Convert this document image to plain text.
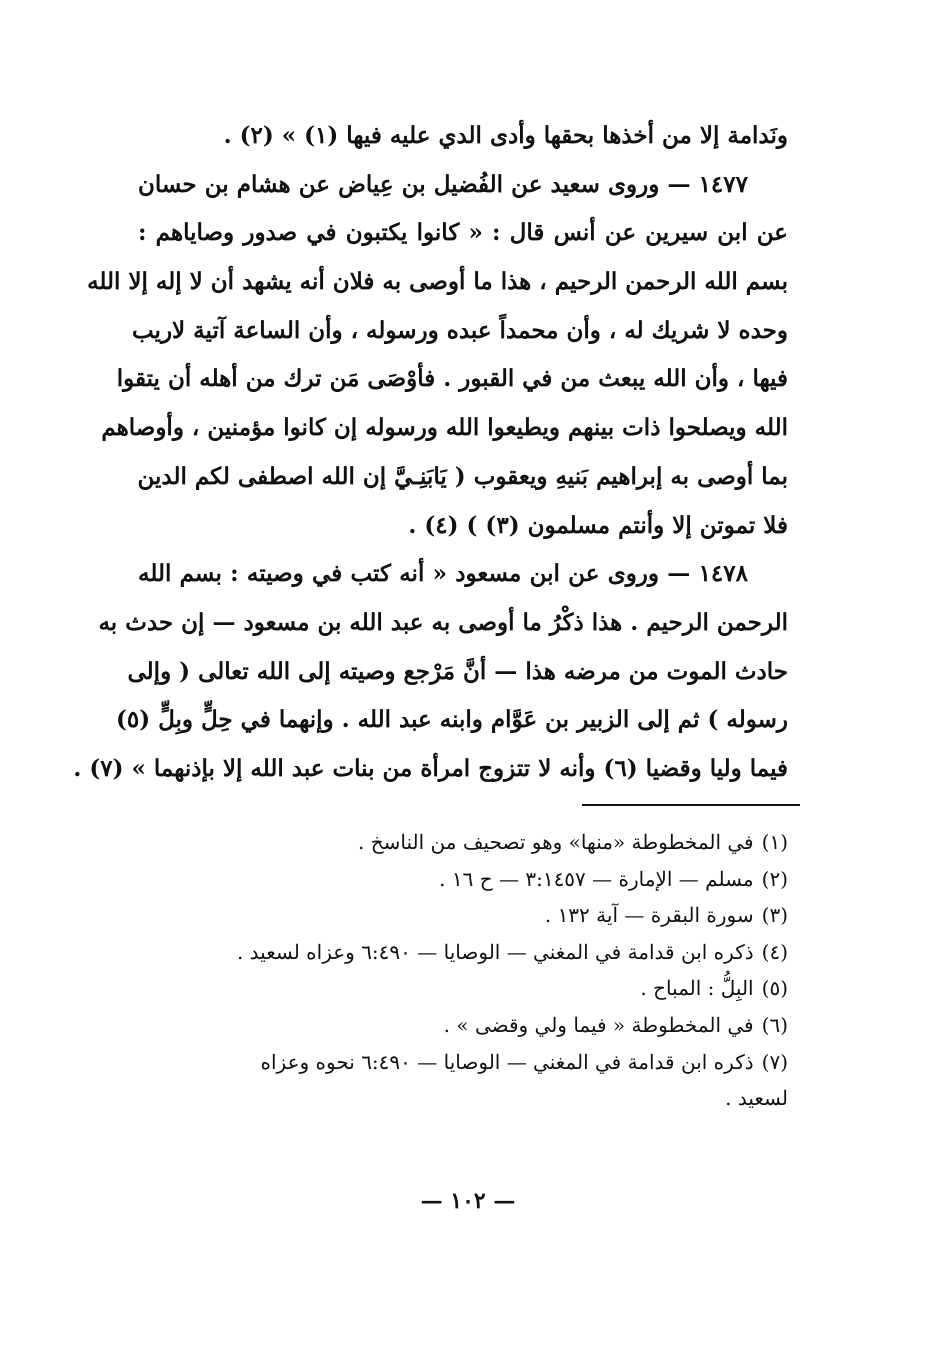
ونَدامة إلا من أخذها بحقها وأدى الدي عليه فيها (١) » (٢) .
١٤٧٧ — وروى سعيد عن الفُضيل بن عِياض عن هشام بن حسان
عن ابن سيرين عن أنس قال : « كانوا يكتبون في صدور وصاياهم :
بسم الله الرحمن الرحيم ، هذا ما أوصى به فلان أنه يشهد أن لا إله إلا الله
وحده لا شريك له ، وأن محمداً عبده ورسوله ، وأن الساعة آتية لاريب
فيها ، وأن الله يبعث من في القبور . فأوْصَى مَن ترك من أهله أن يتقوا
الله ويصلحوا ذات بينهم ويطيعوا الله ورسوله إن كانوا مؤمنين ، وأوصاهم
بما أوصى به إبراهيم بَنيهِ ويعقوب ( يَابَنِـيَّ إن الله اصطفى لكم الدين
فلا تموتن إلا وأنتم مسلمون (٣) ) (٤) .
١٤٧٨ — وروى عن ابن مسعود « أنه كتب في وصيته : بسم الله
الرحمن الرحيم . هذا ذكْرُ ما أوصى به عبد الله بن مسعود — إن حدث به
حادث الموت من مرضه هذا — أنَّ مَرْجع وصيته إلى الله تعالى ( وإلى
رسوله ) ثم إلى الزبير بن عَوَّام وابنه عبد الله . وإنهما في حِلٍّ وبِلٍّ (٥)
فيما وليا وقضيا (٦) وأنه لا تتزوج امرأة من بنات عبد الله إلا بإذنهما » (٧) .
(١)في المخطوطة «منها» وهو تصحيف من الناسخ .
(٢)مسلم — الإمارة — ٣:١٤٥٧ — ح ١٦ .
(٣)سورة البقرة — آية ١٣٢ .
(٤)ذكره ابن قدامة في المغني — الوصايا — ٦:٤٩٠ وعزاه لسعيد .
(٥)البِلُّ : المباح .
(٦)في المخطوطة « فيما ولي وقضى » .
(٧)ذكره ابن قدامة في المغني — الوصايا — ٦:٤٩٠ نحوه وعزاه
لسعيد .
— ١٠٢ —
